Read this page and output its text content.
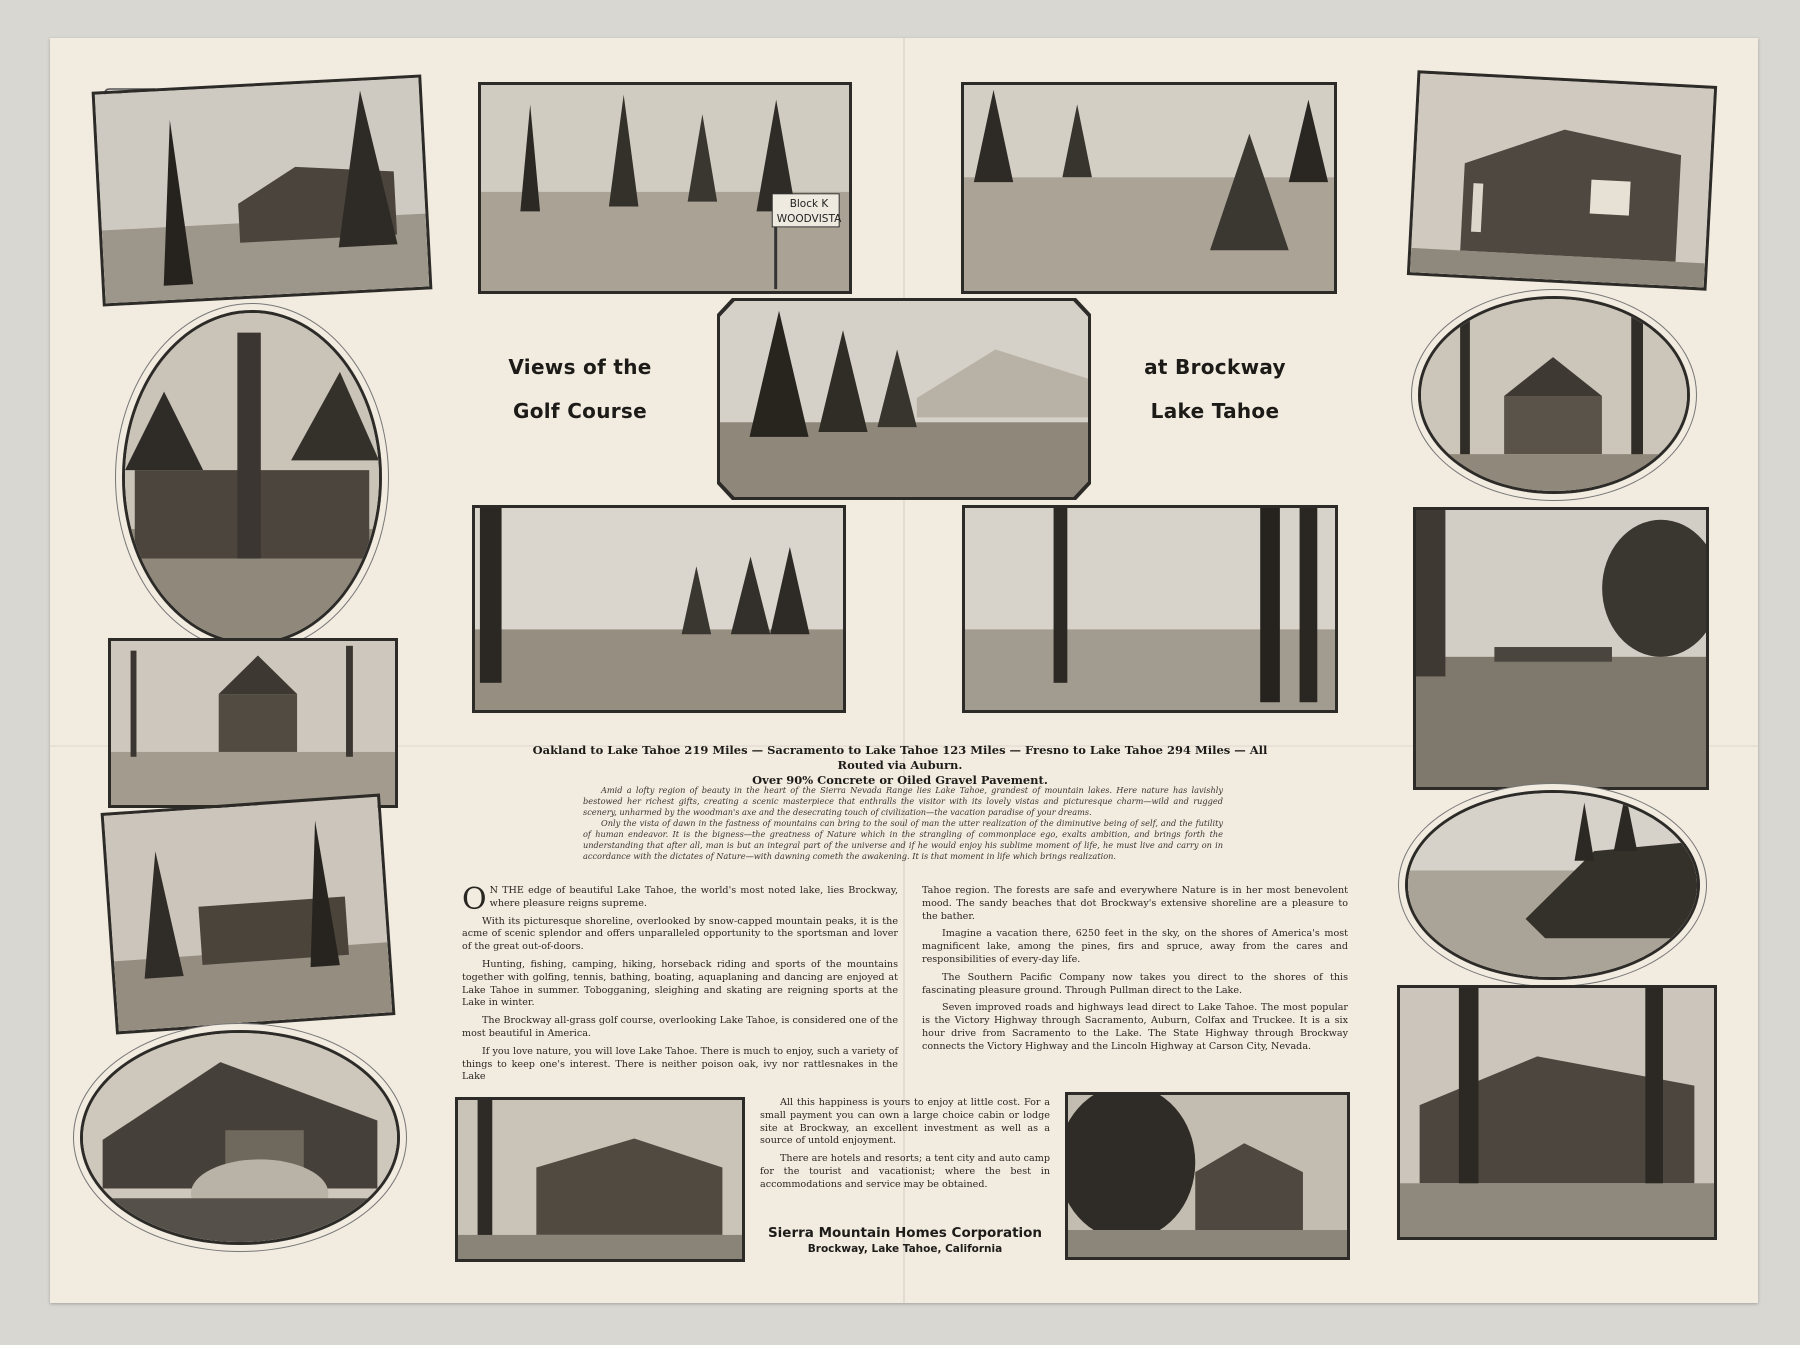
Block K
WOODVISTA
Views of the
Golf Course
at Brockway
Lake Tahoe
Oakland to Lake Tahoe 219 Miles — Sacramento to Lake Tahoe 123 Miles — Fresno to Lake Tahoe 294 Miles — All Routed via Auburn.
Over 90% Concrete or Oiled Gravel Pavement.

Amid a lofty region of beauty in the heart of the Sierra Nevada Range lies Lake Tahoe, grandest of mountain lakes. Here nature has lavishly bestowed her richest gifts, creating a scenic masterpiece that enthralls the visitor with its lovely vistas and picturesque charm—wild and rugged scenery, unharmed by the woodman's axe and the desecrating touch of civilization—the vacation paradise of your dreams.

Only the vista of dawn in the fastness of mountains can bring to the soul of man the utter realization of the diminutive being of self, and the futility of human endeavor. It is the bigness—the greatness of Nature which in the strangling of commonplace ego, exalts ambition, and brings forth the understanding that after all, man is but an integral part of the universe and if he would enjoy his sublime moment of life, he must live and carry on in accordance with the dictates of Nature—with dawning cometh the awakening. It is that moment in life which brings realization.

O N THE edge of beautiful Lake Tahoe, the world's most noted lake, lies Brockway, where pleasure reigns supreme.

With its picturesque shoreline, overlooked by snow-capped mountain peaks, it is the acme of scenic splendor and offers unparalleled opportunity to the sportsman and lover of the great out-of-doors.

Hunting, fishing, camping, hiking, horseback riding and sports of the mountains together with golfing, tennis, bathing, boating, aquaplaning and dancing are enjoyed at Lake Tahoe in summer. Tobogganing, sleighing and skating are reigning sports at the Lake in winter.

The Brockway all-grass golf course, overlooking Lake Tahoe, is considered one of the most beautiful in America.

If you love nature, you will love Lake Tahoe. There is much to enjoy, such a variety of things to keep one's interest. There is neither poison oak, ivy nor rattlesnakes in the Lake

Tahoe region. The forests are safe and everywhere Nature is in her most benevolent mood. The sandy beaches that dot Brockway's extensive shoreline are a pleasure to the bather.

Imagine a vacation there, 6250 feet in the sky, on the shores of America's most magnificent lake, among the pines, firs and spruce, away from the cares and responsibilities of every-day life.

The Southern Pacific Company now takes you direct to the shores of this fascinating pleasure ground. Through Pullman direct to the Lake.

Seven improved roads and highways lead direct to Lake Tahoe. The most popular is the Victory Highway through Sacramento, Auburn, Colfax and Truckee. It is a six hour drive from Sacramento to the Lake. The State Highway through Brockway connects the Victory Highway and the Lincoln Highway at Carson City, Nevada.

All this happiness is yours to enjoy at little cost. For a small payment you can own a large choice cabin or lodge site at Brockway, an excellent investment as well as a source of untold enjoyment.

There are hotels and resorts; a tent city and auto camp for the tourist and vacationist; where the best in accommodations and service may be obtained.

Sierra Mountain Homes Corporation
Brockway, Lake Tahoe, California
